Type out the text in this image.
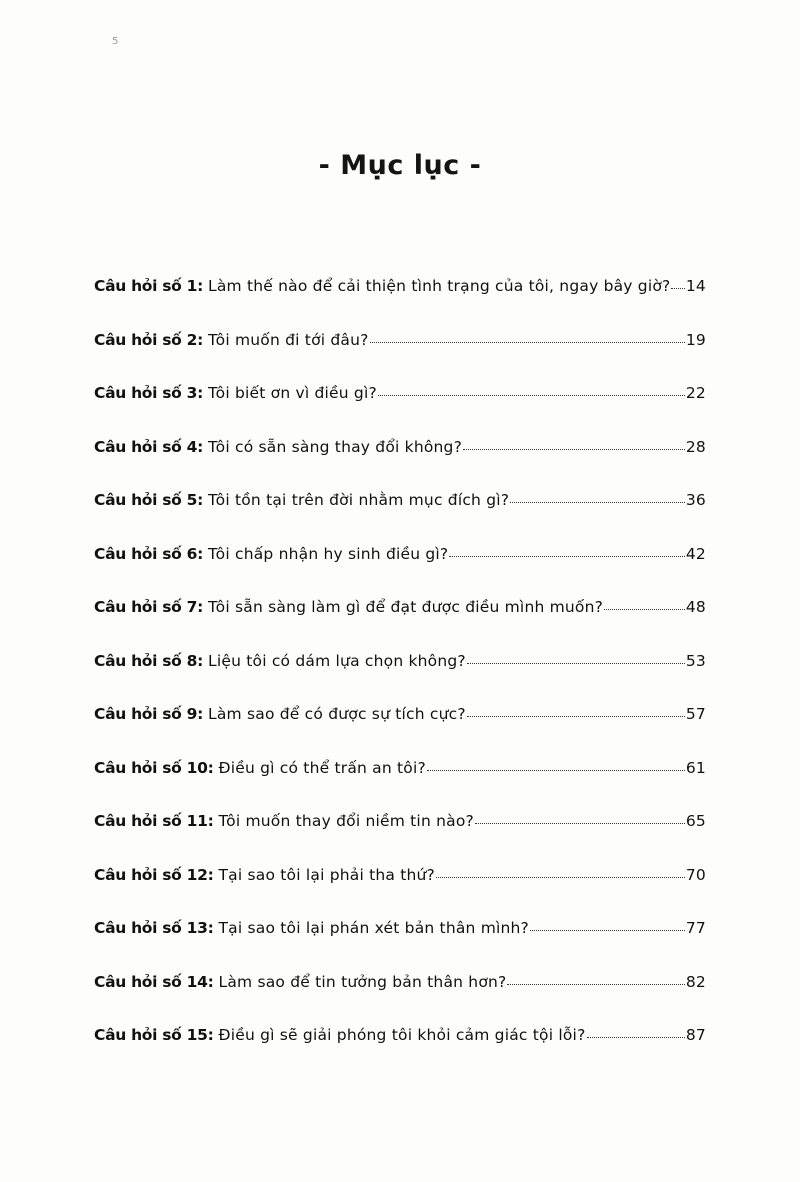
5
- Mục lục -
Câu hỏi số 1: Làm thế nào để cải thiện tình trạng của tôi, ngay bây giờ? 14
Câu hỏi số 2: Tôi muốn đi tới đâu?	19
Câu hỏi số 3: Tôi biết ơn vì điều gì?	22
Câu hỏi số 4: Tôi có sẵn sàng thay đổi không?	28
Câu hỏi số 5: Tôi tồn tại trên đời nhằm mục đích gì?	36
Câu hỏi số 6: Tôi chấp nhận hy sinh điều gì?	42
Câu hỏi số 7: Tôi sẵn sàng làm gì để đạt được điều mình muốn?	48
Câu hỏi số 8: Liệu tôi có dám lựa chọn không?	53
Câu hỏi số 9: Làm sao để có được sự tích cực?	57
Câu hỏi số 10: Điều gì có thể trấn an tôi?	61
Câu hỏi số 11: Tôi muốn thay đổi niềm tin nào?	65
Câu hỏi số 12: Tại sao tôi lại phải tha thứ?	70
Câu hỏi số 13: Tại sao tôi lại phán xét bản thân mình?	77
Câu hỏi số 14: Làm sao để tin tưởng bản thân hơn?	82
Câu hỏi số 15: Điều gì sẽ giải phóng tôi khỏi cảm giác tội lỗi?	87
